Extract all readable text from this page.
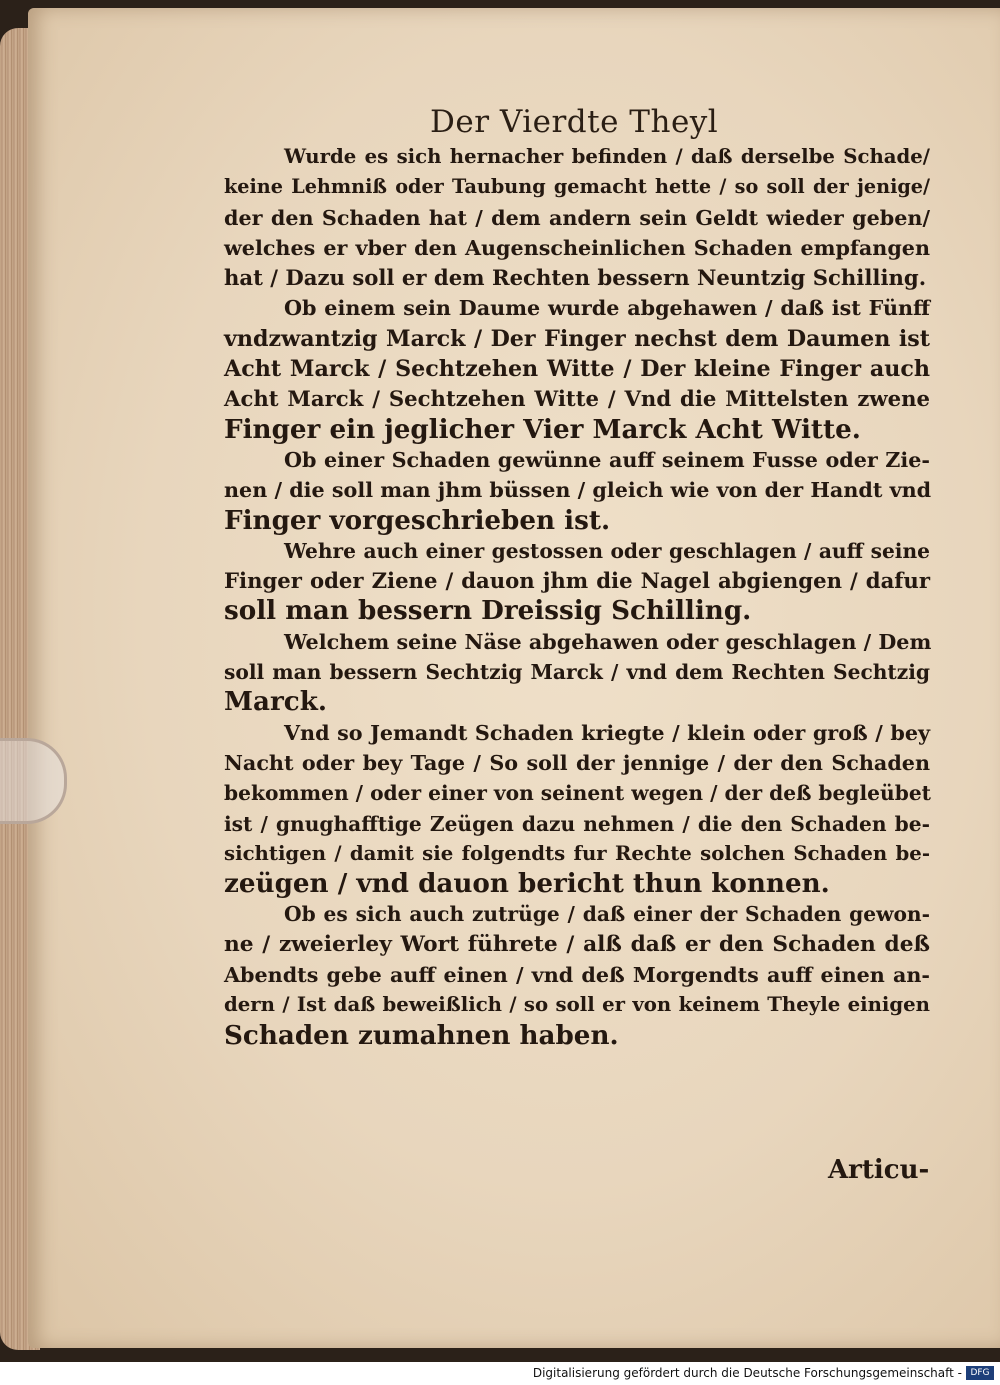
Der Vierdte Theyl
Wurde es sich hernacher befinden / daß derselbe Schade/
keine Lehmniß oder Taubung gemacht hette / so soll der jenige/
der den Schaden hat / dem andern sein Geldt wieder geben/
welches er vber den Augenscheinlichen Schaden empfangen
hat / Dazu soll er dem Rechten bessern Neuntzig Schilling.
Ob einem sein Daume wurde abgehawen / daß ist Fünff
vndzwantzig Marck / Der Finger nechst dem Daumen ist
Acht Marck / Sechtzehen Witte / Der kleine Finger auch
Acht Marck / Sechtzehen Witte / Vnd die Mittelsten zwene
Finger ein jeglicher Vier Marck Acht Witte.
Ob einer Schaden gewünne auff seinem Fusse oder Zie-
nen / die soll man jhm büssen / gleich wie von der Handt vnd
Finger vorgeschrieben ist.
Wehre auch einer gestossen oder geschlagen / auff seine
Finger oder Ziene / dauon jhm die Nagel abgiengen / dafur
soll man bessern Dreissig Schilling.
Welchem seine Näse abgehawen oder geschlagen / Dem
soll man bessern Sechtzig Marck / vnd dem Rechten Sechtzig
Marck.
Vnd so Jemandt Schaden kriegte / klein oder groß / bey
Nacht oder bey Tage / So soll der jennige / der den Schaden
bekommen / oder einer von seinent wegen / der deß begleübet
ist / gnughafftige Zeügen dazu nehmen / die den Schaden be-
sichtigen / damit sie folgendts fur Rechte solchen Schaden be-
zeügen / vnd dauon bericht thun konnen.
Ob es sich auch zutrüge / daß einer der Schaden gewon-
ne / zweierley Wort führete / alß daß er den Schaden deß
Abendts gebe auff einen / vnd deß Morgendts auff einen an-
dern / Ist daß beweißlich / so soll er von keinem Theyle einigen
Schaden zumahnen haben.
Articu-
Digitalisierung gefördert durch die Deutsche Forschungsgemeinschaft - DFG
